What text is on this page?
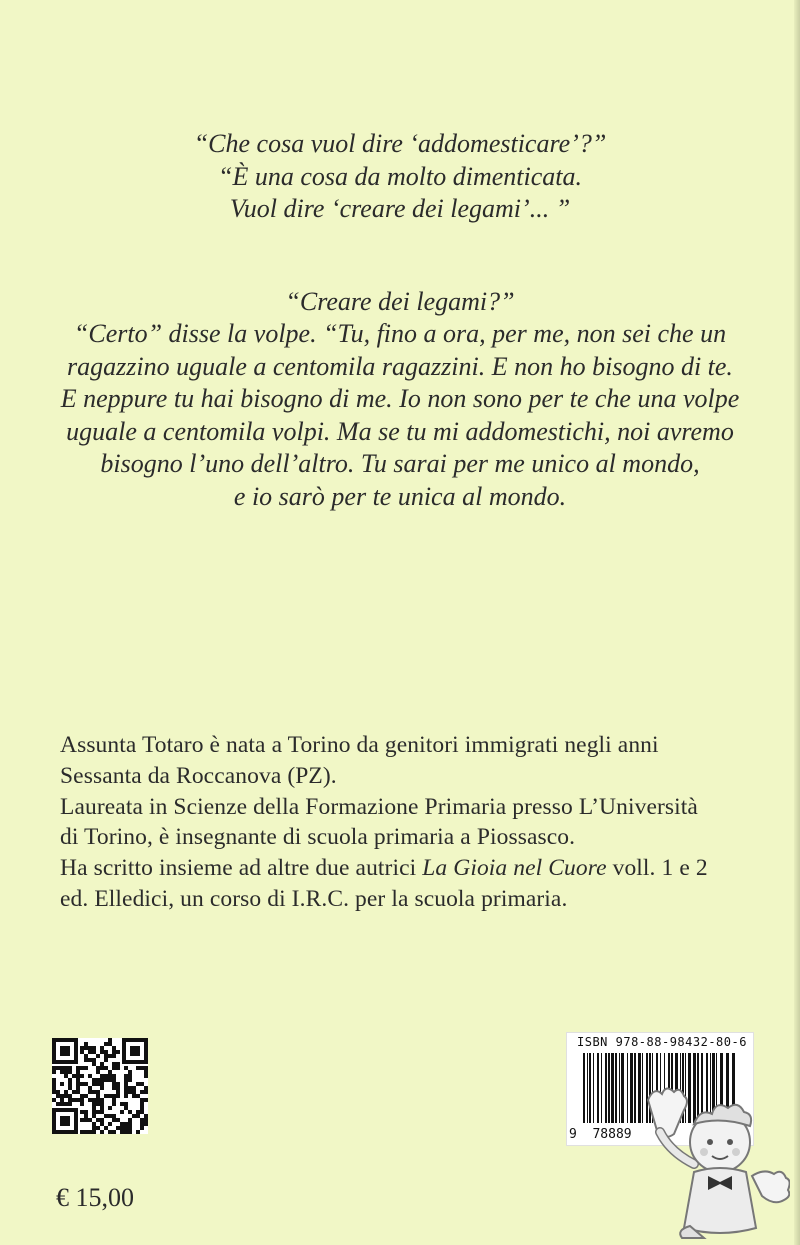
“Che cosa vuol dire ‘addomesticare’?”

“È una cosa da molto dimenticata.

Vuol dire ‘creare dei legami’... ”

“Creare dei legami?”

“Certo” disse la volpe. “Tu, fino a ora, per me, non sei che un

ragazzino uguale a centomila ragazzini. E non ho bisogno di te.

E neppure tu hai bisogno di me. Io non sono per te che una volpe

uguale a centomila volpi. Ma se tu mi addomestichi, noi avremo

bisogno l’uno dell’altro. Tu sarai per me unico al mondo,

e io sarò per te unica al mondo.

Assunta Totaro è nata a Torino da genitori immigrati negli anni

Sessanta da Roccanova (PZ).

Laureata in Scienze della Formazione Primaria presso L’Università

di Torino, è insegnante di scuola primaria a Piossasco.

Ha scritto insieme ad altre due autrici La Gioia nel Cuore voll. 1 e 2

ed. Elledici, un corso di I.R.C. per la scuola primaria.

€ 15,00
ISBN 978-88-98432-80-6
9 78889
